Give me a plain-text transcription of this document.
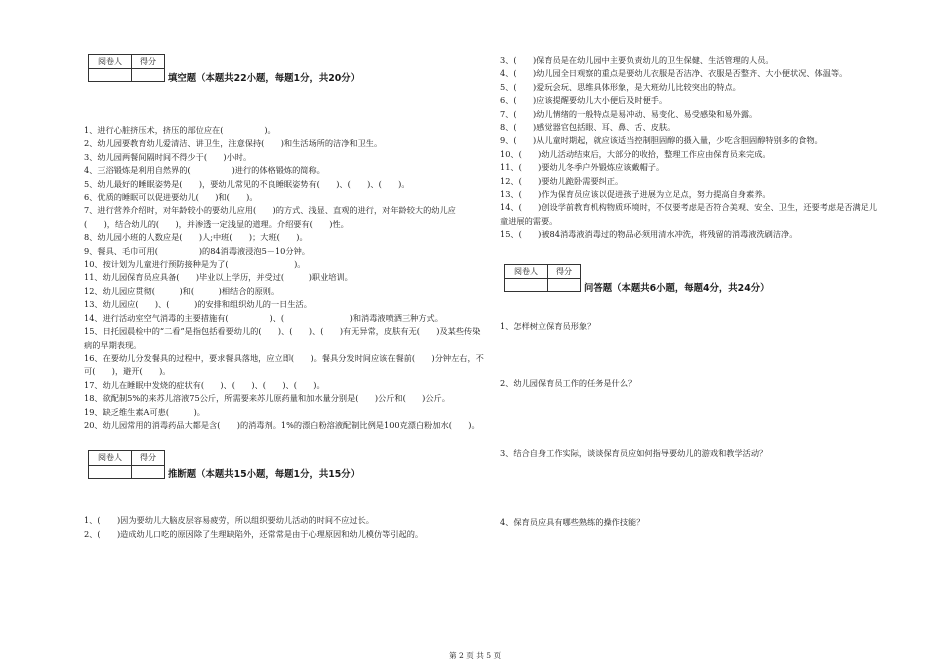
阅卷人	得分

填空题（本题共22小题，每题1分，共20分）

1、进行心脏挤压术，挤压的部位应在(　　　　　)。

2、幼儿园要教育幼儿爱清洁、讲卫生，注意保持(　　)和生活场所的洁净和卫生。

3、幼儿园两餐间隔时间不得少于(　　)小时。

4、三浴锻炼是利用自然界的(　　　　　)进行的体格锻炼的简称。

5、幼儿最好的睡眠姿势是(　　)，要幼儿常见的不良睡眠姿势有(　　)、(　　)、(　　)。

6、优质的睡眠可以促进要幼儿(　　)和(　　)。

7、进行营养介绍时，对年龄较小的要幼儿应用(　　)的方式、浅显、直观的进行，对年龄较大的幼儿应(　　)，结合幼儿的(　　)，并渗透一定浅显的道理。介绍要有(　　)性。

8、幼儿园小班的人数应是(　　)人;中班(　　)；大班(　　)。

9、餐具、毛巾可用(　　　　　)的84消毒液浸泡5－10分钟。

10、按计划为儿童进行预防接种是为了(　　　　　　　　)。

11、幼儿园保育员应具备(　　)毕业以上学历，并受过(　　　)职业培训。

12、幼儿园应贯彻(　　　)和(　　　)相结合的原则。

13、幼儿园应(　　)、(　　　)的安排和组织幼儿的一日生活。

14、进行活动室空气消毒的主要措施有(　　　　　)、(　　　　　　　　)和消毒液喷洒三种方式。

15、日托园晨检中的“二看”是指包括看要幼儿的(　　)、(　　)、(　　)有无异常，皮肤有无(　　)及某些传染病的早期表现。

16、在要幼儿分发餐具的过程中，要求餐具落地，应立即(　　)。餐具分发时间应该在餐前(　　)分钟左右，不可(　　)，避开(　　)。

17、幼儿在睡眠中发烧的症状有(　　)、(　　)、(　　)、(　　)。

18、欲配制5%的来苏儿溶液75公斤，所需要来苏儿原药量和加水量分别是(　　)公斤和(　　)公斤。

19、缺乏维生素A可患(　　　)。

20、幼儿园常用的消毒药品大都是含(　　)的消毒剂。1%的漂白粉溶液配制比例是100克漂白粉加水(　　)。

阅卷人	得分

推断题（本题共15小题，每题1分，共15分）

1、(　　)因为要幼儿大脑皮层容易疲劳，所以组织要幼儿活动的时间不应过长。

2、(　　)造成幼儿口吃的原因除了生理缺陷外，还常常是由于心理原因和幼儿模仿等引起的。

3、(　　)保育员是在幼儿园中主要负责幼儿的卫生保健、生活管理的人员。

4、(　　)幼儿园全日观察的重点是要幼儿衣服是否洁净、衣服是否整齐、大小便状况、体温等。

5、(　　)爱玩会玩、思维具体形象，是大班幼儿比较突出的特点。

6、(　　)应该提醒要幼儿大小便后及时便手。

7、(　　)幼儿情绪的一般特点是易冲动、易变化、易受感染和易外露。

8、(　　)感觉器官包括眼、耳、鼻、舌、皮肤。

9、(　　)从儿童时期起，就应该适当控制胆固醇的摄入量，少吃含胆固醇特别多的食物。

10、(　　)幼儿活动结束后，大部分的收拾，整理工作应由保育员来完成。

11、(　　)要幼儿冬季户外锻炼应该戴帽子。

12、(　　)要幼儿跪卧需要纠正。

13、(　　)作为保育员应该以促进孩子进展为立足点，努力提高自身素养。

14、(　　)创设学前教育机构物质环境时，不仅要考虑是否符合美观、安全、卫生，还要考虑是否满足儿童进展的需要。

15、(　　)被84消毒液消毒过的物品必须用清水冲洗，将残留的消毒液洗刷洁净。

阅卷人	得分

问答题（本题共6小题，每题4分，共24分）

1、怎样树立保育员形象？

2、幼儿园保育员工作的任务是什么？

3、结合自身工作实际，谈谈保育员应如何指导要幼儿的游戏和教学活动？

4、保育员应具有哪些熟练的操作技能？

第 2 页 共 5 页
